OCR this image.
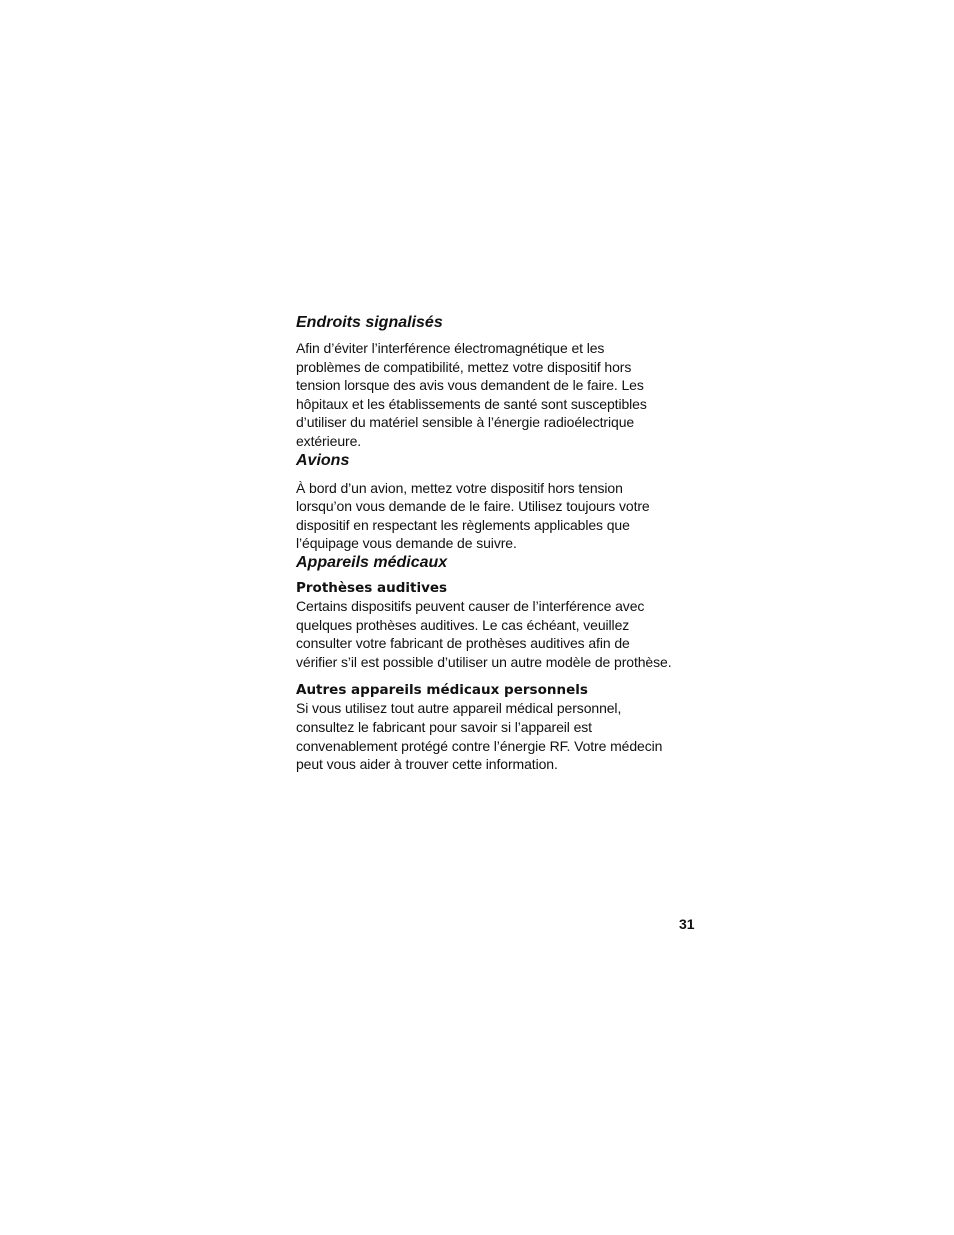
Endroits signalisés

Afin d’éviter l’interférence électromagnétique et les
problèmes de compatibilité, mettez votre dispositif hors
tension lorsque des avis vous demandent de le faire. Les
hôpitaux et les établissements de santé sont susceptibles
d’utiliser du matériel sensible à l’énergie radioélectrique
extérieure.

Avions

À bord d’un avion, mettez votre dispositif hors tension
lorsqu’on vous demande de le faire. Utilisez toujours votre
dispositif en respectant les règlements applicables que
l’équipage vous demande de suivre.

Appareils médicaux
Prothèses auditives

Certains dispositifs peuvent causer de l’interférence avec
quelques prothèses auditives. Le cas échéant, veuillez
consulter votre fabricant de prothèses auditives afin de
vérifier s’il est possible d’utiliser un autre modèle de prothèse.

Autres appareils médicaux personnels

Si vous utilisez tout autre appareil médical personnel,
consultez le fabricant pour savoir si l’appareil est
convenablement protégé contre l’énergie RF. Votre médecin
peut vous aider à trouver cette information.

31
